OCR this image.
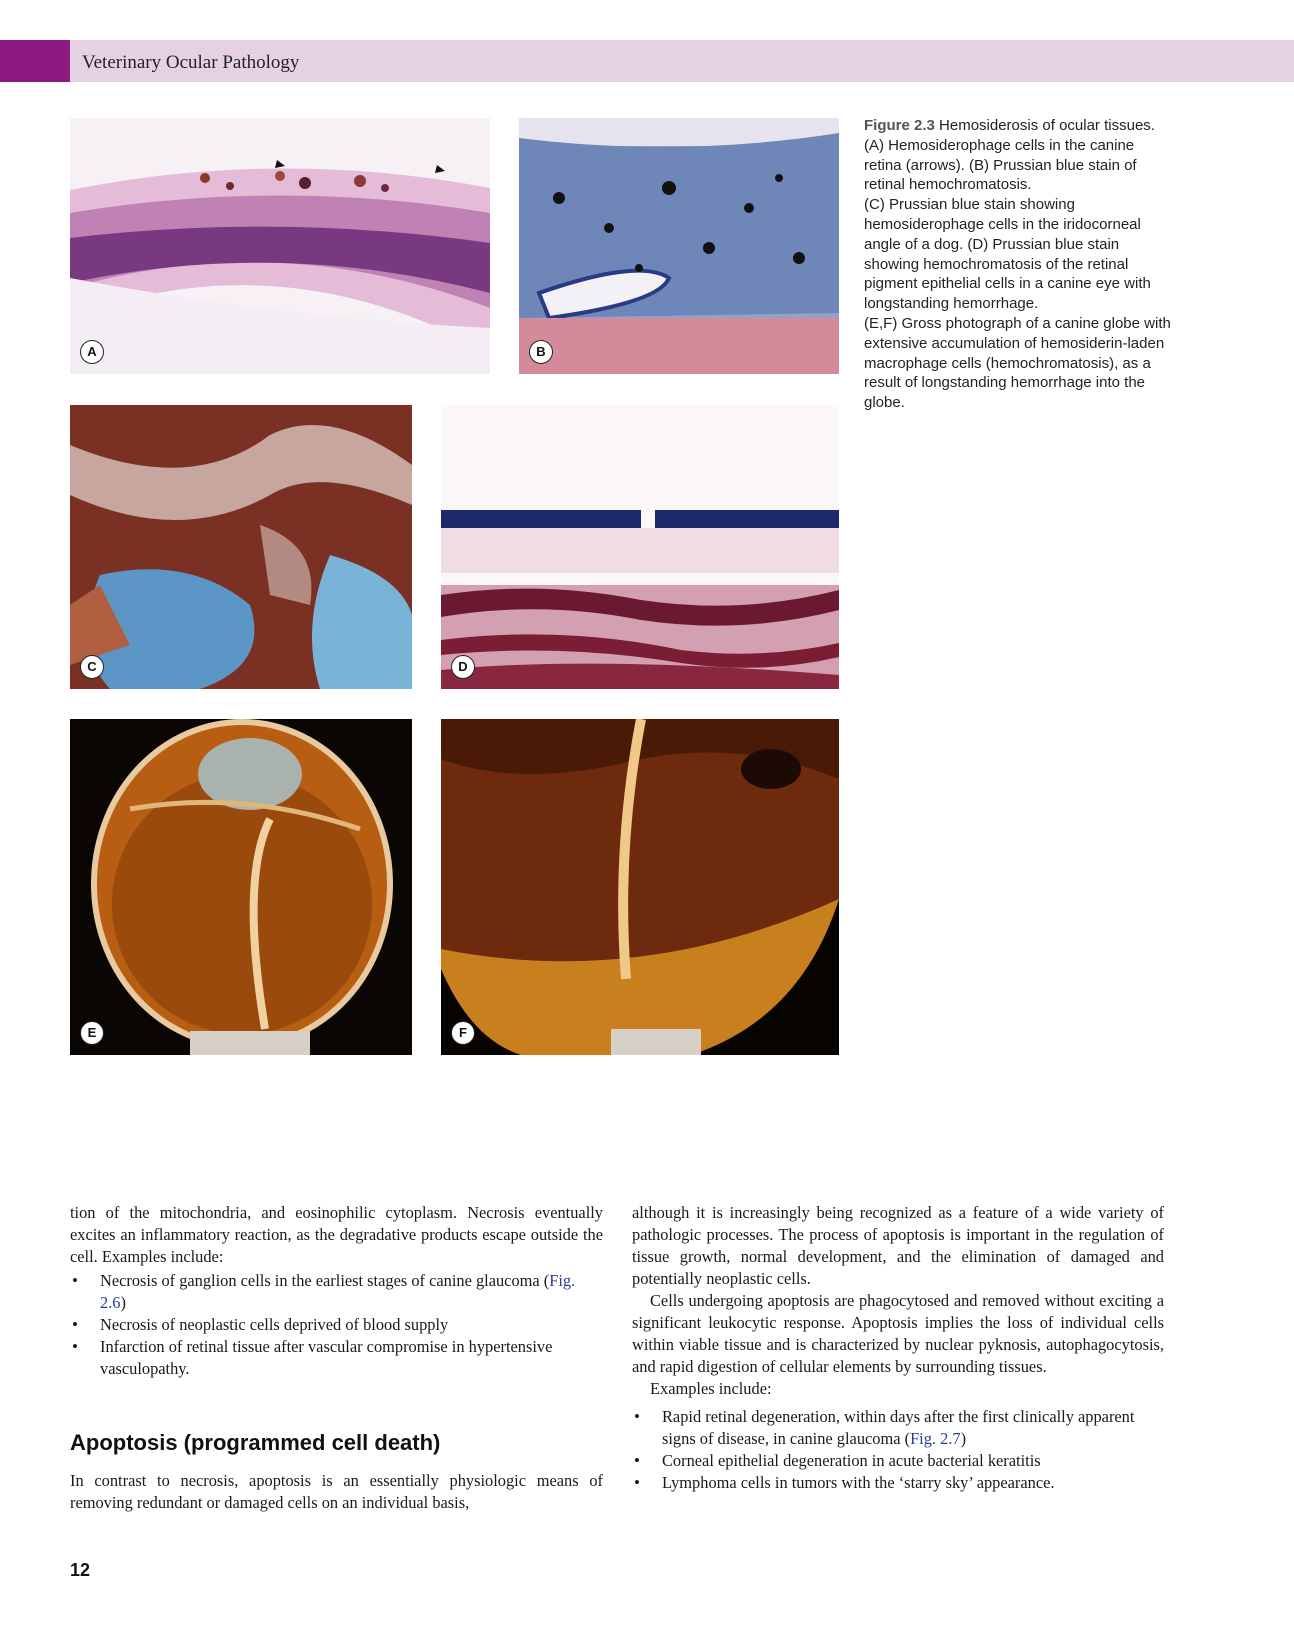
Veterinary Ocular Pathology
A	B
C	D
E	F
Figure 2.3 Hemosiderosis of ocular tissues. (A) Hemosiderophage cells in the canine retina (arrows). (B) Prussian blue stain of retinal hemochromatosis.
(C) Prussian blue stain showing hemosiderophage cells in the iridocorneal angle of a dog. (D) Prussian blue stain showing hemochromatosis of the retinal pigment epithelial cells in a canine eye with longstanding hemorrhage.
(E,F) Gross photograph of a canine globe with extensive accumulation of hemosiderin-laden macrophage cells (hemochromatosis), as a result of longstanding hemorrhage into the globe.

tion of the mitochondria, and eosinophilic cytoplasm. Necrosis eventually excites an inflammatory reaction, as the degradative products escape outside the cell. Examples include:

• Necrosis of ganglion cells in the earliest stages of canine glaucoma (Fig. 2.6)
• Necrosis of neoplastic cells deprived of blood supply
• Infarction of retinal tissue after vascular compromise in hypertensive vasculopathy.
Apoptosis (programmed cell death)

In contrast to necrosis, apoptosis is an essentially physiologic means of removing redundant or damaged cells on an individual basis,

although it is increasingly being recognized as a feature of a wide variety of pathologic processes. The process of apoptosis is important in the regulation of tissue growth, normal development, and the elimination of damaged and potentially neoplastic cells.

Cells undergoing apoptosis are phagocytosed and removed without exciting a significant leukocytic response. Apoptosis implies the loss of individual cells within viable tissue and is characterized by nuclear pyknosis, autophagocytosis, and rapid digestion of cellular elements by surrounding tissues.

Examples include:

• Rapid retinal degeneration, within days after the first clinically apparent signs of disease, in canine glaucoma (Fig. 2.7)
• Corneal epithelial degeneration in acute bacterial keratitis
• Lymphoma cells in tumors with the ‘starry sky’ appearance.
12
